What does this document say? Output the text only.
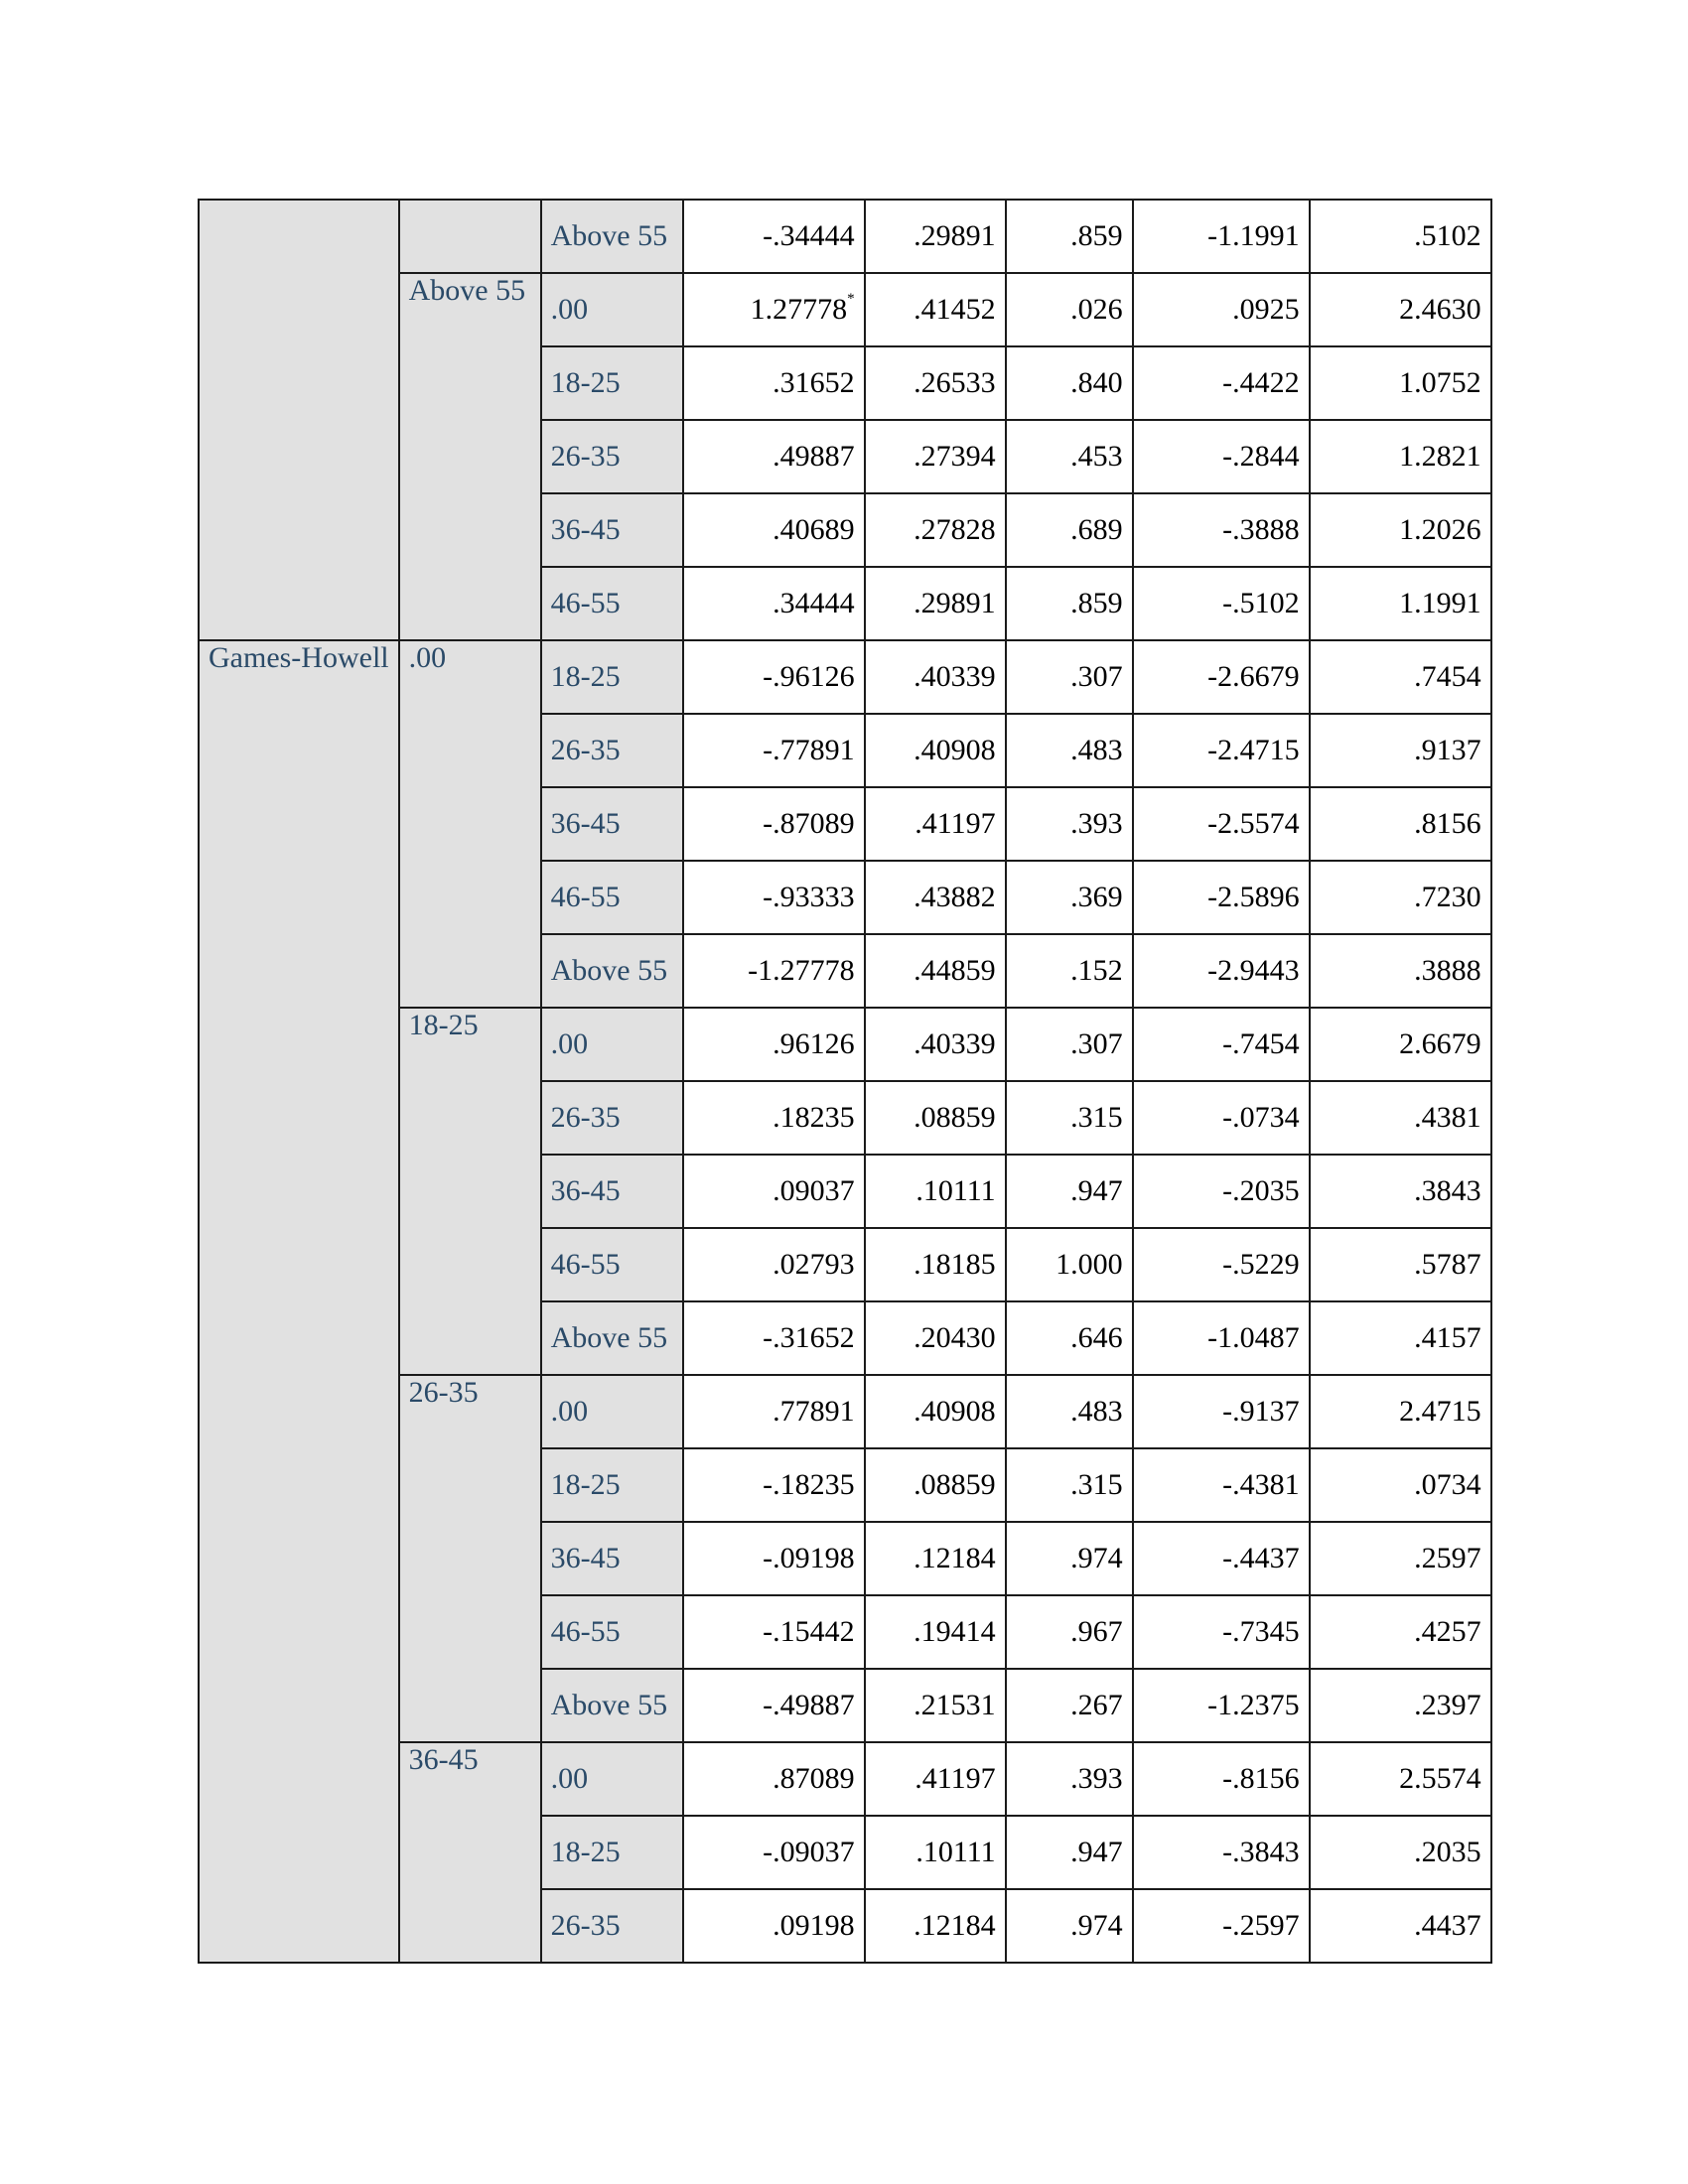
		Above 55	-.34444	.29891	.859	-1.1991	.5102
	Above 55	.00	1.27778*	.41452	.026	.0925	2.4630
		18-25	.31652	.26533	.840	-.4422	1.0752
		26-35	.49887	.27394	.453	-.2844	1.2821
		36-45	.40689	.27828	.689	-.3888	1.2026
		46-55	.34444	.29891	.859	-.5102	1.1991
Games-Howell	.00	18-25	-.96126	.40339	.307	-2.6679	.7454
		26-35	-.77891	.40908	.483	-2.4715	.9137
		36-45	-.87089	.41197	.393	-2.5574	.8156
		46-55	-.93333	.43882	.369	-2.5896	.7230
		Above 55	-1.27778	.44859	.152	-2.9443	.3888
	18-25	.00	.96126	.40339	.307	-.7454	2.6679
		26-35	.18235	.08859	.315	-.0734	.4381
		36-45	.09037	.10111	.947	-.2035	.3843
		46-55	.02793	.18185	1.000	-.5229	.5787
		Above 55	-.31652	.20430	.646	-1.0487	.4157
	26-35	.00	.77891	.40908	.483	-.9137	2.4715
		18-25	-.18235	.08859	.315	-.4381	.0734
		36-45	-.09198	.12184	.974	-.4437	.2597
		46-55	-.15442	.19414	.967	-.7345	.4257
		Above 55	-.49887	.21531	.267	-1.2375	.2397
	36-45	.00	.87089	.41197	.393	-.8156	2.5574
		18-25	-.09037	.10111	.947	-.3843	.2035
		26-35	.09198	.12184	.974	-.2597	.4437
